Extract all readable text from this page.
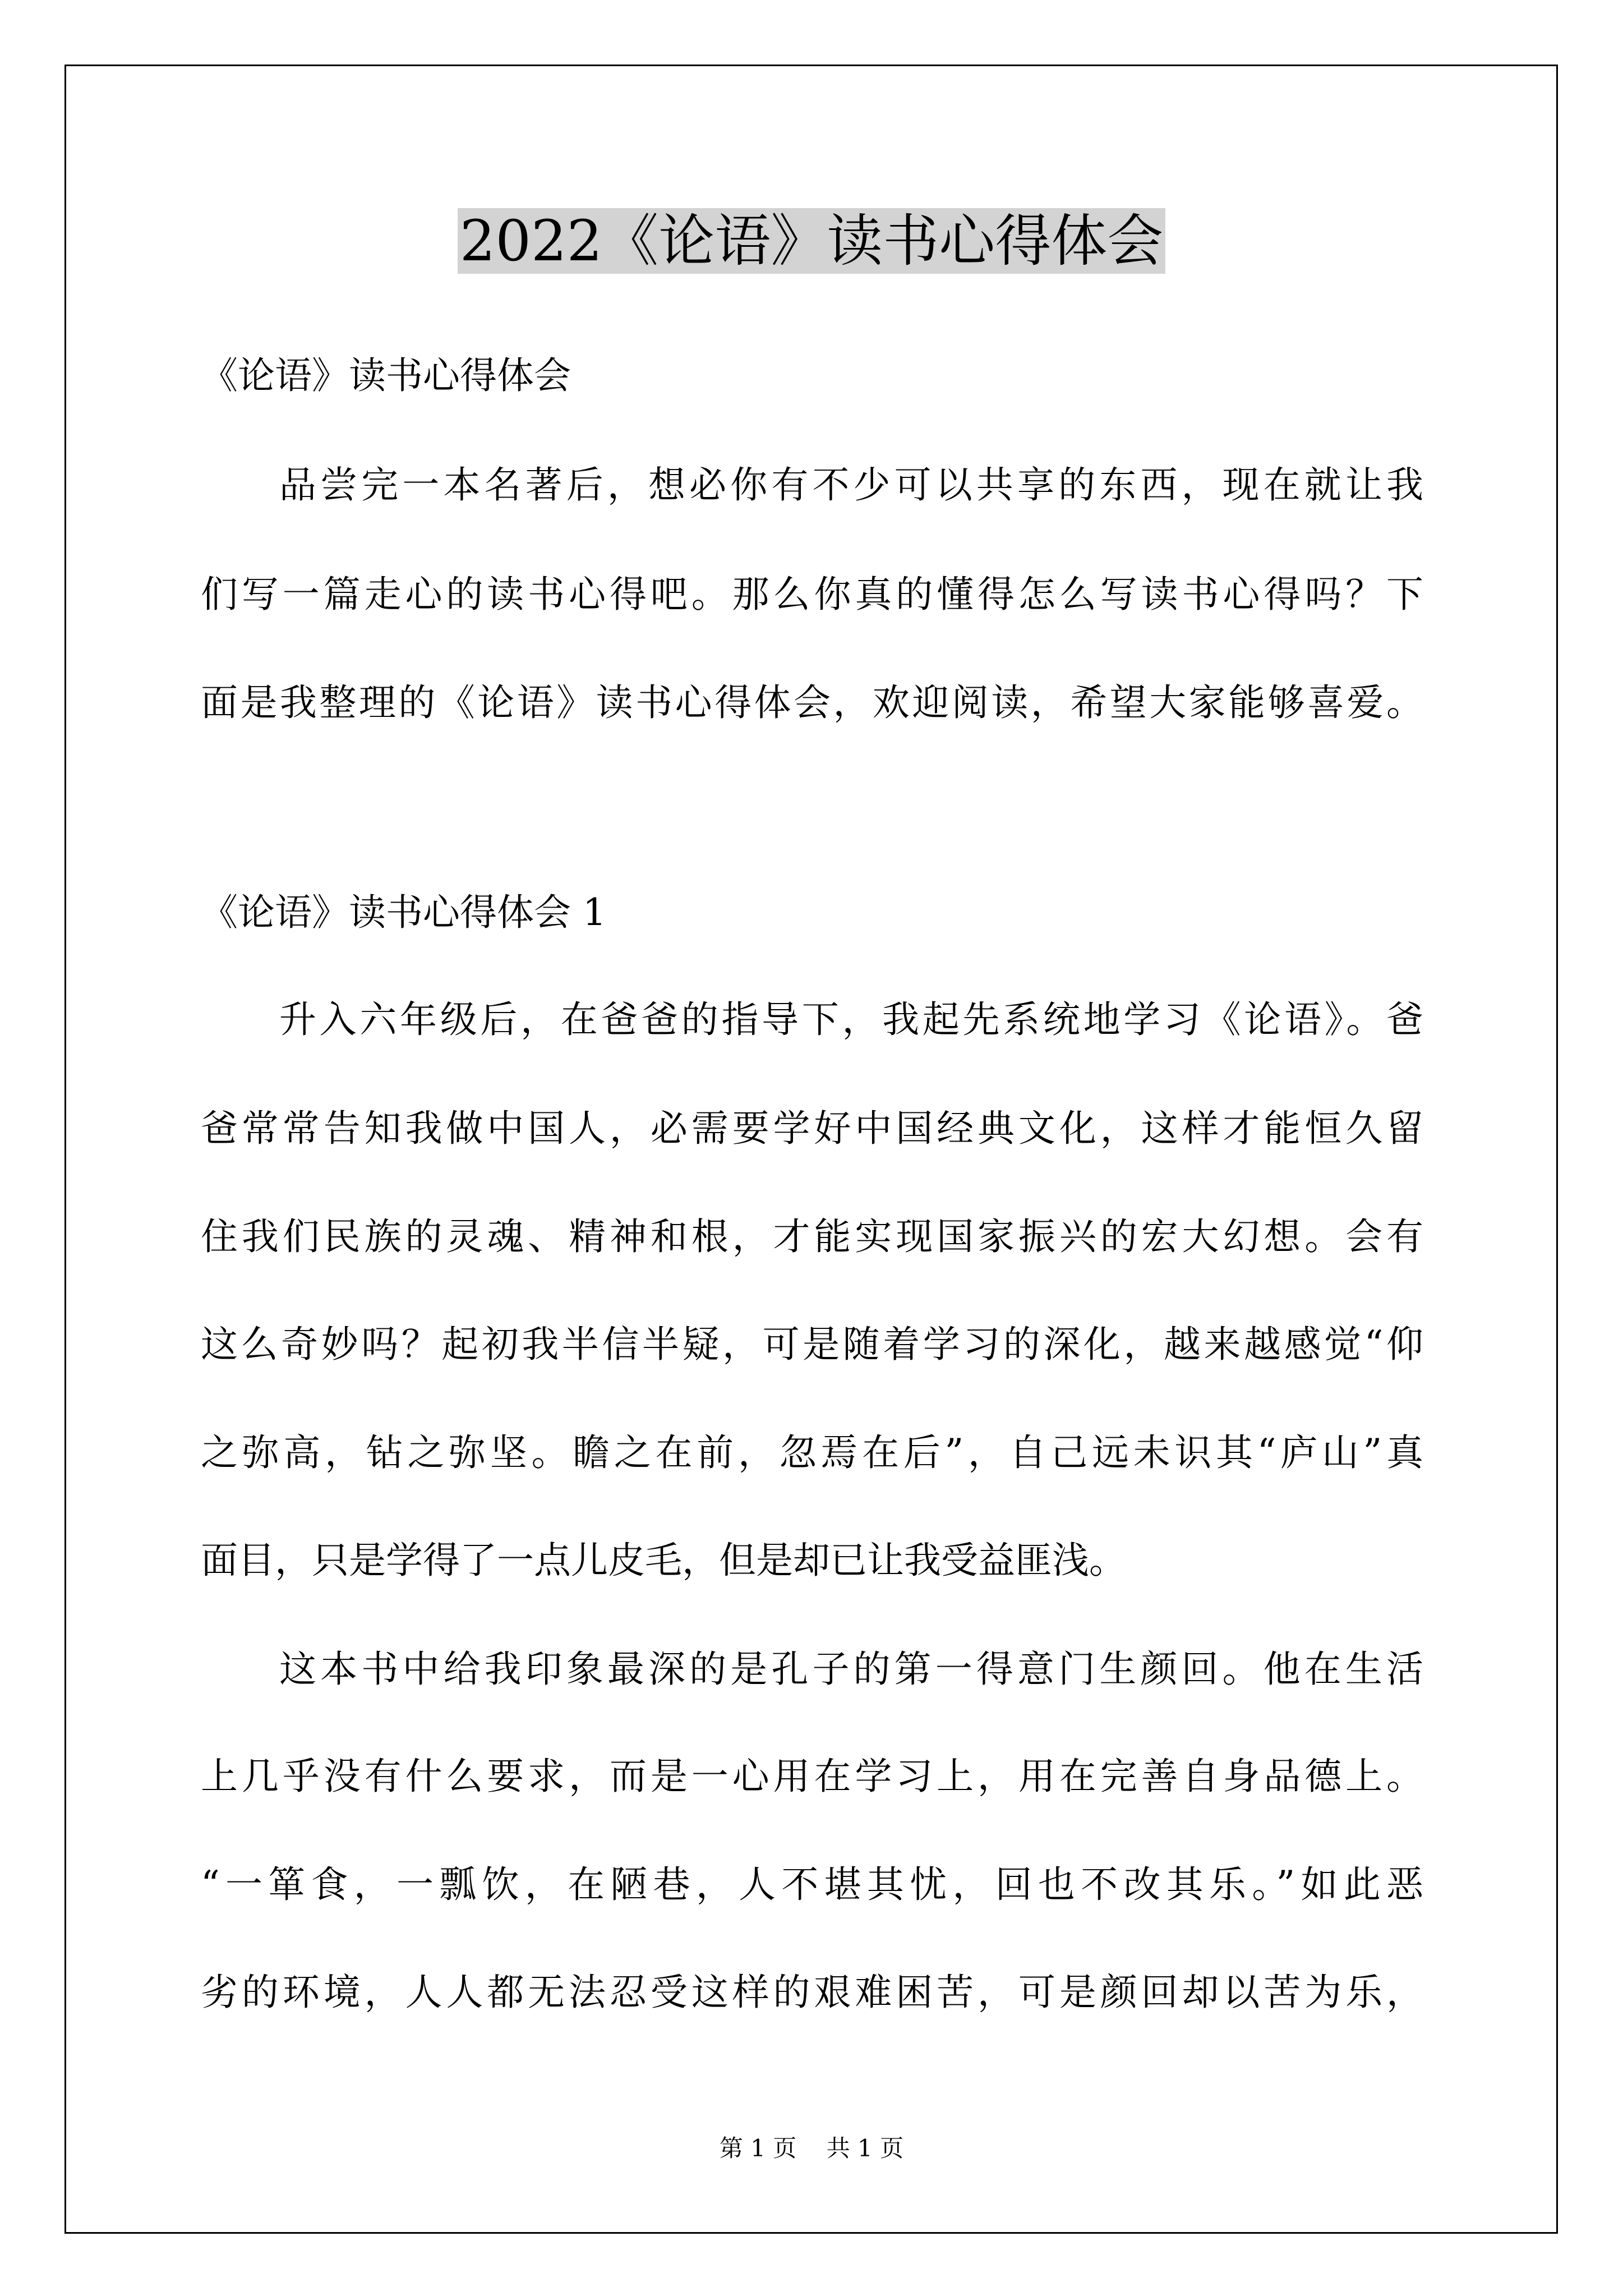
2022《论语》读书心得体会

《论语》读书心得体会

品尝完一本名著后，想必你有不少可以共享的东西，现在就让我

们写一篇走心的读书心得吧。那么你真的懂得怎么写读书心得吗？下

面是我整理的《论语》读书心得体会，欢迎阅读，希望大家能够喜爱。

《论语》读书心得体会 1

升入六年级后，在爸爸的指导下，我起先系统地学习《论语》。爸

爸常常告知我做中国人，必需要学好中国经典文化，这样才能恒久留

住我们民族的灵魂、精神和根，才能实现国家振兴的宏大幻想。会有

这么奇妙吗？起初我半信半疑，可是随着学习的深化，越来越感觉“仰

之弥高，钻之弥坚。瞻之在前，忽焉在后”，自己远未识其“庐山”真

面目，只是学得了一点儿皮毛，但是却已让我受益匪浅。

这本书中给我印象最深的是孔子的第一得意门生颜回。他在生活

上几乎没有什么要求，而是一心用在学习上，用在完善自身品德上。

“一箪食，一瓢饮，在陋巷，人不堪其忧，回也不改其乐。”如此恶

劣的环境，人人都无法忍受这样的艰难困苦，可是颜回却以苦为乐，

第 1 页    共 1 页
